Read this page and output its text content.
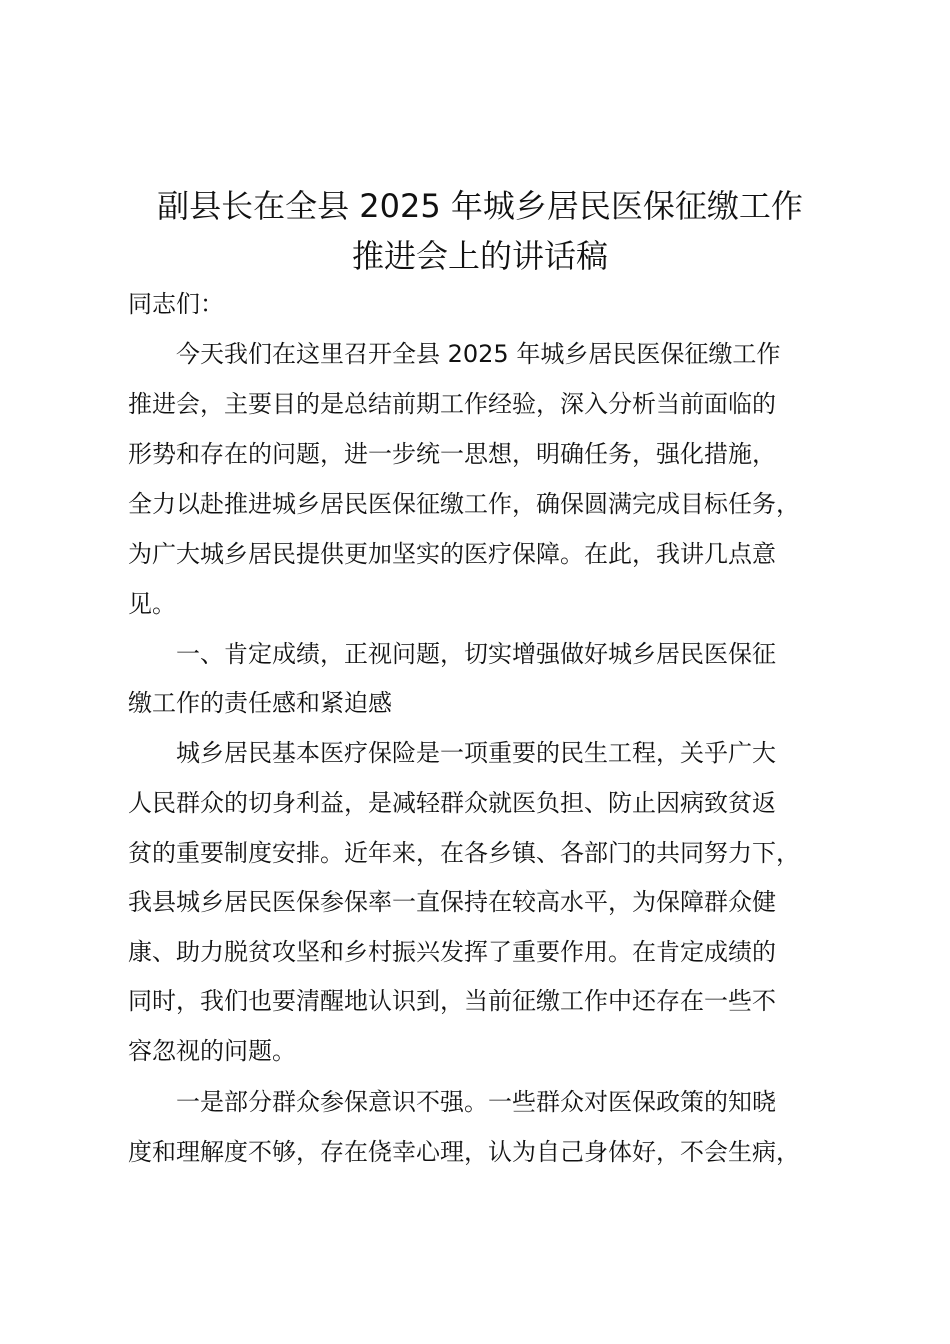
副县长在全县 2025 年城乡居民医保征缴工作
推进会上的讲话稿

同志们：

今天我们在这里召开全县 2025 年城乡居民医保征缴工作

推进会，主要目的是总结前期工作经验，深入分析当前面临的

形势和存在的问题，进一步统一思想，明确任务，强化措施，

全力以赴推进城乡居民医保征缴工作，确保圆满完成目标任务，

为广大城乡居民提供更加坚实的医疗保障。在此，我讲几点意

见。

一、肯定成绩，正视问题，切实增强做好城乡居民医保征

缴工作的责任感和紧迫感

城乡居民基本医疗保险是一项重要的民生工程，关乎广大

人民群众的切身利益，是减轻群众就医负担、防止因病致贫返

贫的重要制度安排。近年来，在各乡镇、各部门的共同努力下，

我县城乡居民医保参保率一直保持在较高水平，为保障群众健

康、助力脱贫攻坚和乡村振兴发挥了重要作用。在肯定成绩的

同时，我们也要清醒地认识到，当前征缴工作中还存在一些不

容忽视的问题。

一是部分群众参保意识不强。一些群众对医保政策的知晓

度和理解度不够，存在侥幸心理，认为自己身体好，不会生病，
